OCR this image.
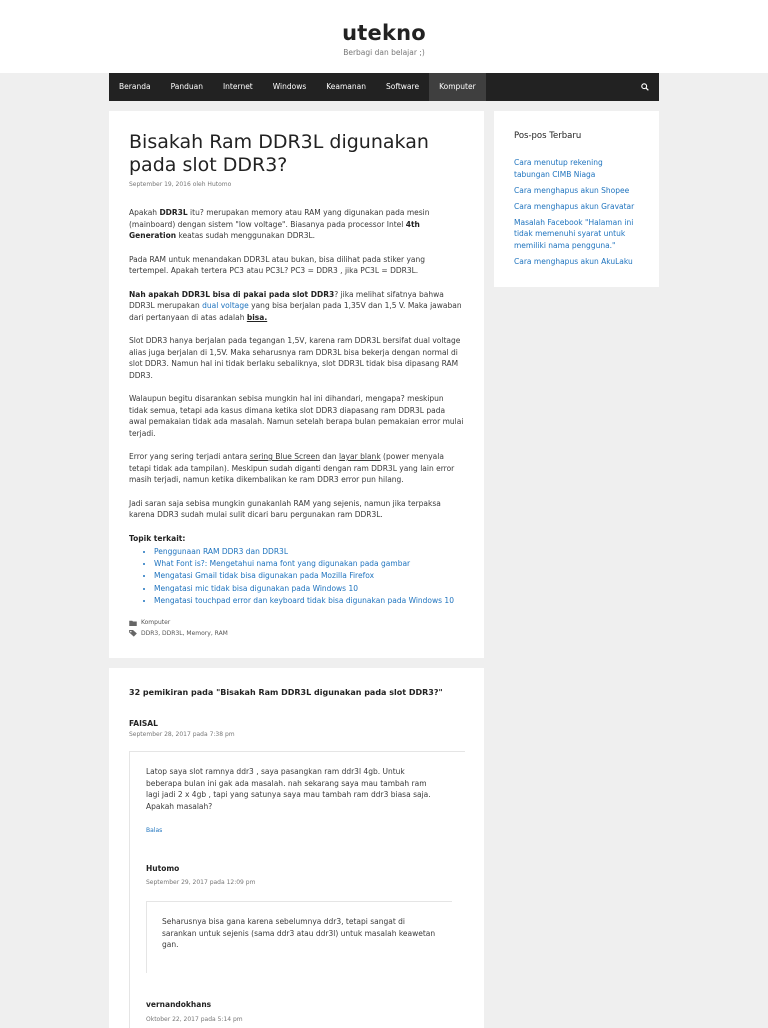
utekno
Berbagi dan belajar ;)
Beranda	Panduan	Internet	Windows	Keamanan	Software	Komputer
Bisakah Ram DDR3L digunakan pada slot DDR3?
September 19, 2016 oleh Hutomo

Apakah DDR3L itu? merupakan memory atau RAM yang digunakan pada mesin (mainboard) dengan sistem "low voltage". Biasanya pada processor Intel 4th Generation keatas sudah menggunakan DDR3L.

Pada RAM untuk menandakan DDR3L atau bukan, bisa dilihat pada stiker yang tertempel. Apakah tertera PC3 atau PC3L? PC3 = DDR3 , jika PC3L = DDR3L.

Nah apakah DDR3L bisa di pakai pada slot DDR3? jika melihat sifatnya bahwa DDR3L merupakan dual voltage yang bisa berjalan pada 1,35V dan 1,5 V. Maka jawaban dari pertanyaan di atas adalah bisa.

Slot DDR3 hanya berjalan pada tegangan 1,5V, karena ram DDR3L bersifat dual voltage alias juga berjalan di 1,5V. Maka seharusnya ram DDR3L bisa bekerja dengan normal di slot DDR3. Namun hal ini tidak berlaku sebaliknya, slot DDR3L tidak bisa dipasang RAM DDR3.

Walaupun begitu disarankan sebisa mungkin hal ini dihandari, mengapa? meskipun tidak semua, tetapi ada kasus dimana ketika slot DDR3 diapasang ram DDR3L pada awal pemakaian tidak ada masalah. Namun setelah berapa bulan pemakaian error mulai terjadi.

Error yang sering terjadi antara sering Blue Screen dan layar blank (power menyala tetapi tidak ada tampilan). Meskipun sudah diganti dengan ram DDR3L yang lain error masih terjadi, namun ketika dikembalikan ke ram DDR3 error pun hilang.

Jadi saran saja sebisa mungkin gunakanlah RAM yang sejenis, namun jika terpaksa karena DDR3 sudah mulai sulit dicari baru pergunakan ram DDR3L.

Topik terkait:
• Penggunaan RAM DDR3 dan DDR3L
• What Font is?: Mengetahui nama font yang digunakan pada gambar
• Mengatasi Gmail tidak bisa digunakan pada Mozilla Firefox
• Mengatasi mic tidak bisa digunakan pada Windows 10
• Mengatasi touchpad error dan keyboard tidak bisa digunakan pada Windows 10
Komputer
DDR3, DDR3L, Memory, RAM
Pos-pos Terbaru
Cara menutup rekening tabungan CIMB Niaga
Cara menghapus akun Shopee
Cara menghapus akun Gravatar
Masalah Facebook "Halaman ini tidak memenuhi syarat untuk memiliki nama pengguna."
Cara menghapus akun AkuLaku
32 pemikiran pada "Bisakah Ram DDR3L digunakan pada slot DDR3?"
FAISAL
September 28, 2017 pada 7:38 pm
Latop saya slot ramnya ddr3 , saya pasangkan ram ddr3l 4gb. Untuk beberapa bulan ini gak ada masalah. nah sekarang saya mau tambah ram lagi jadi 2 x 4gb , tapi yang satunya saya mau tambah ram ddr3 biasa saja. Apakah masalah?
Balas
Hutomo
September 29, 2017 pada 12:09 pm
Seharusnya bisa gana karena sebelumnya ddr3, tetapi sangat di sarankan untuk sejenis (sama ddr3 atau ddr3l) untuk masalah keawetan gan.
vernandokhans
Oktober 22, 2017 pada 5:14 pm
